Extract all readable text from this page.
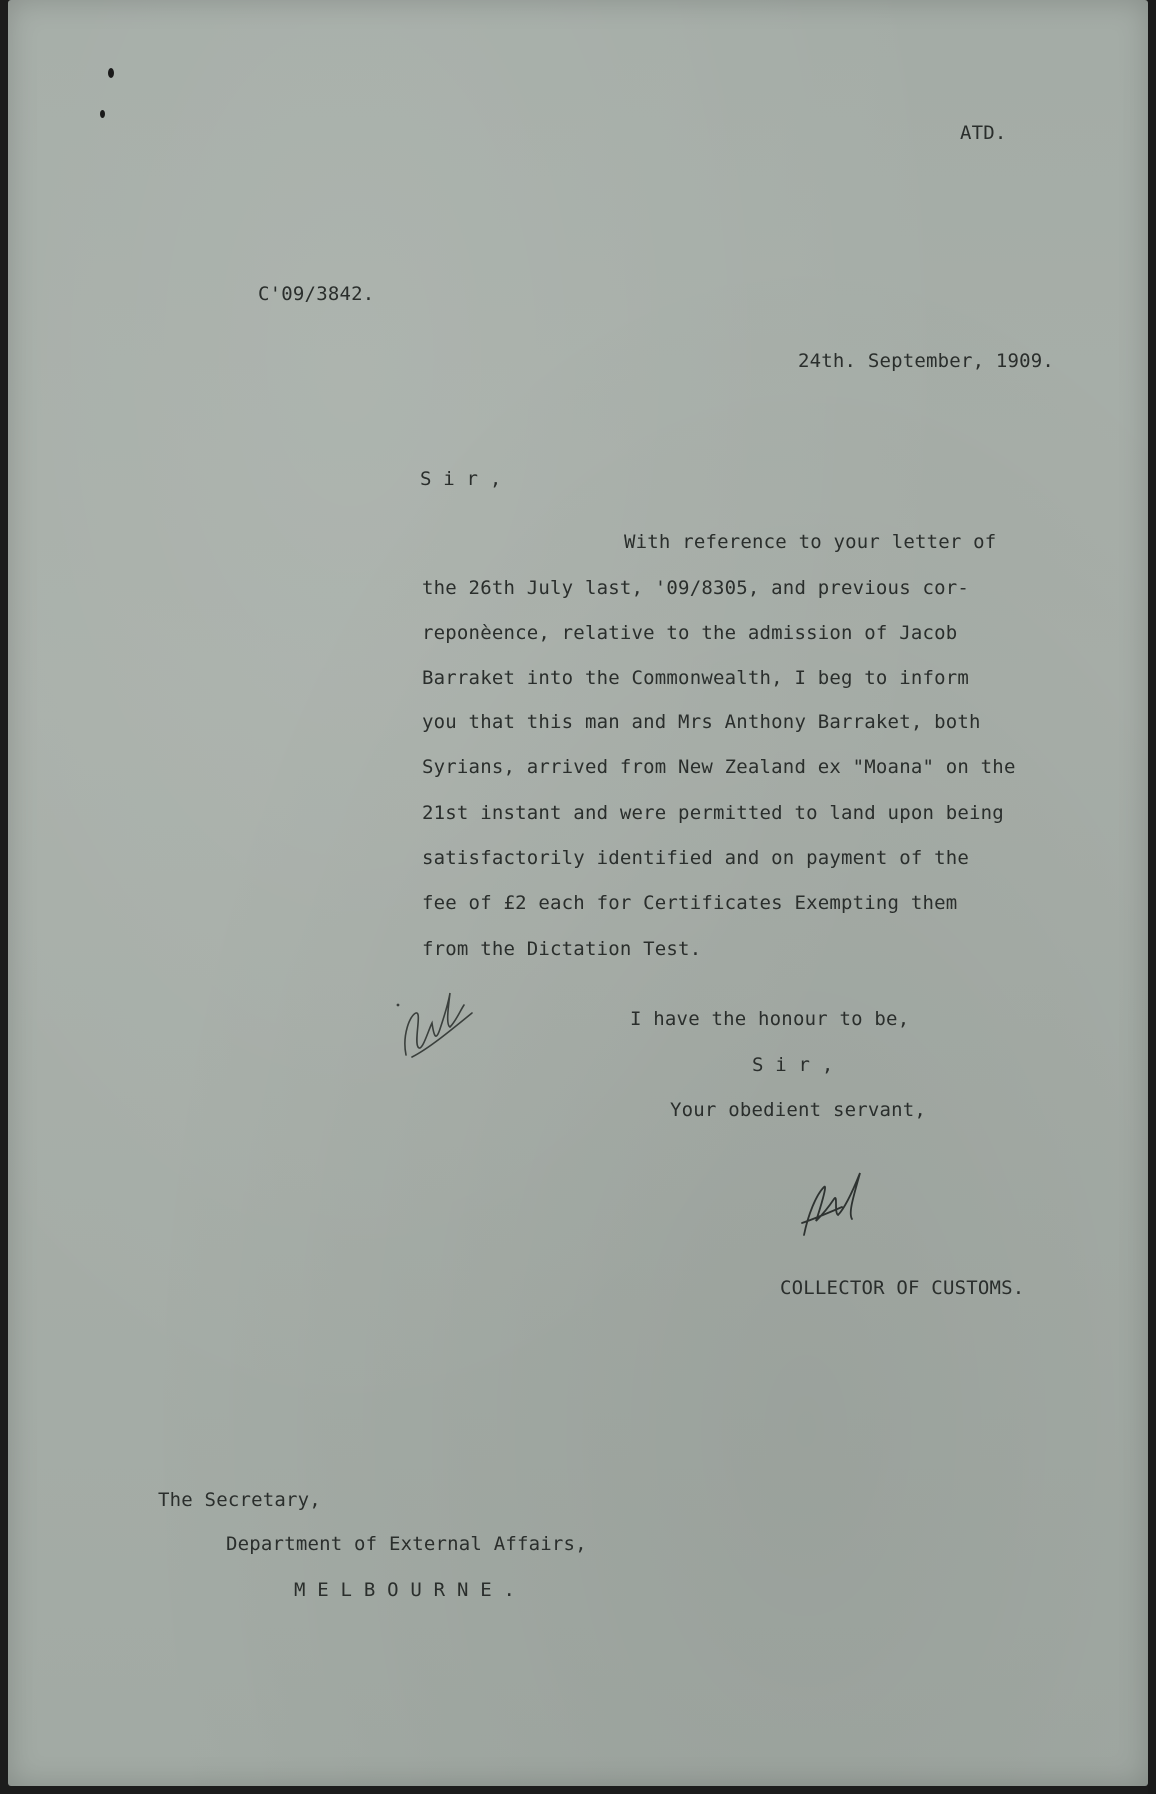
ATD.
C'09/3842.
24th. September, 1909.
S i r ,
With reference to your letter of
the 26th July last, '09/8305, and previous cor-
reponèence, relative to the admission of Jacob
Barraket into the Commonwealth, I beg to inform
you that this man and Mrs Anthony Barraket, both
Syrians, arrived from New Zealand ex "Moana" on the
21st instant and were permitted to land upon being
satisfactorily identified and on payment of the
fee of £2 each for Certificates Exempting them
from the Dictation Test.
I have the honour to be,
S i r ,
Your obedient servant,
COLLECTOR OF CUSTOMS.
The Secretary,
Department of External Affairs,
M E L B O U R N E .
